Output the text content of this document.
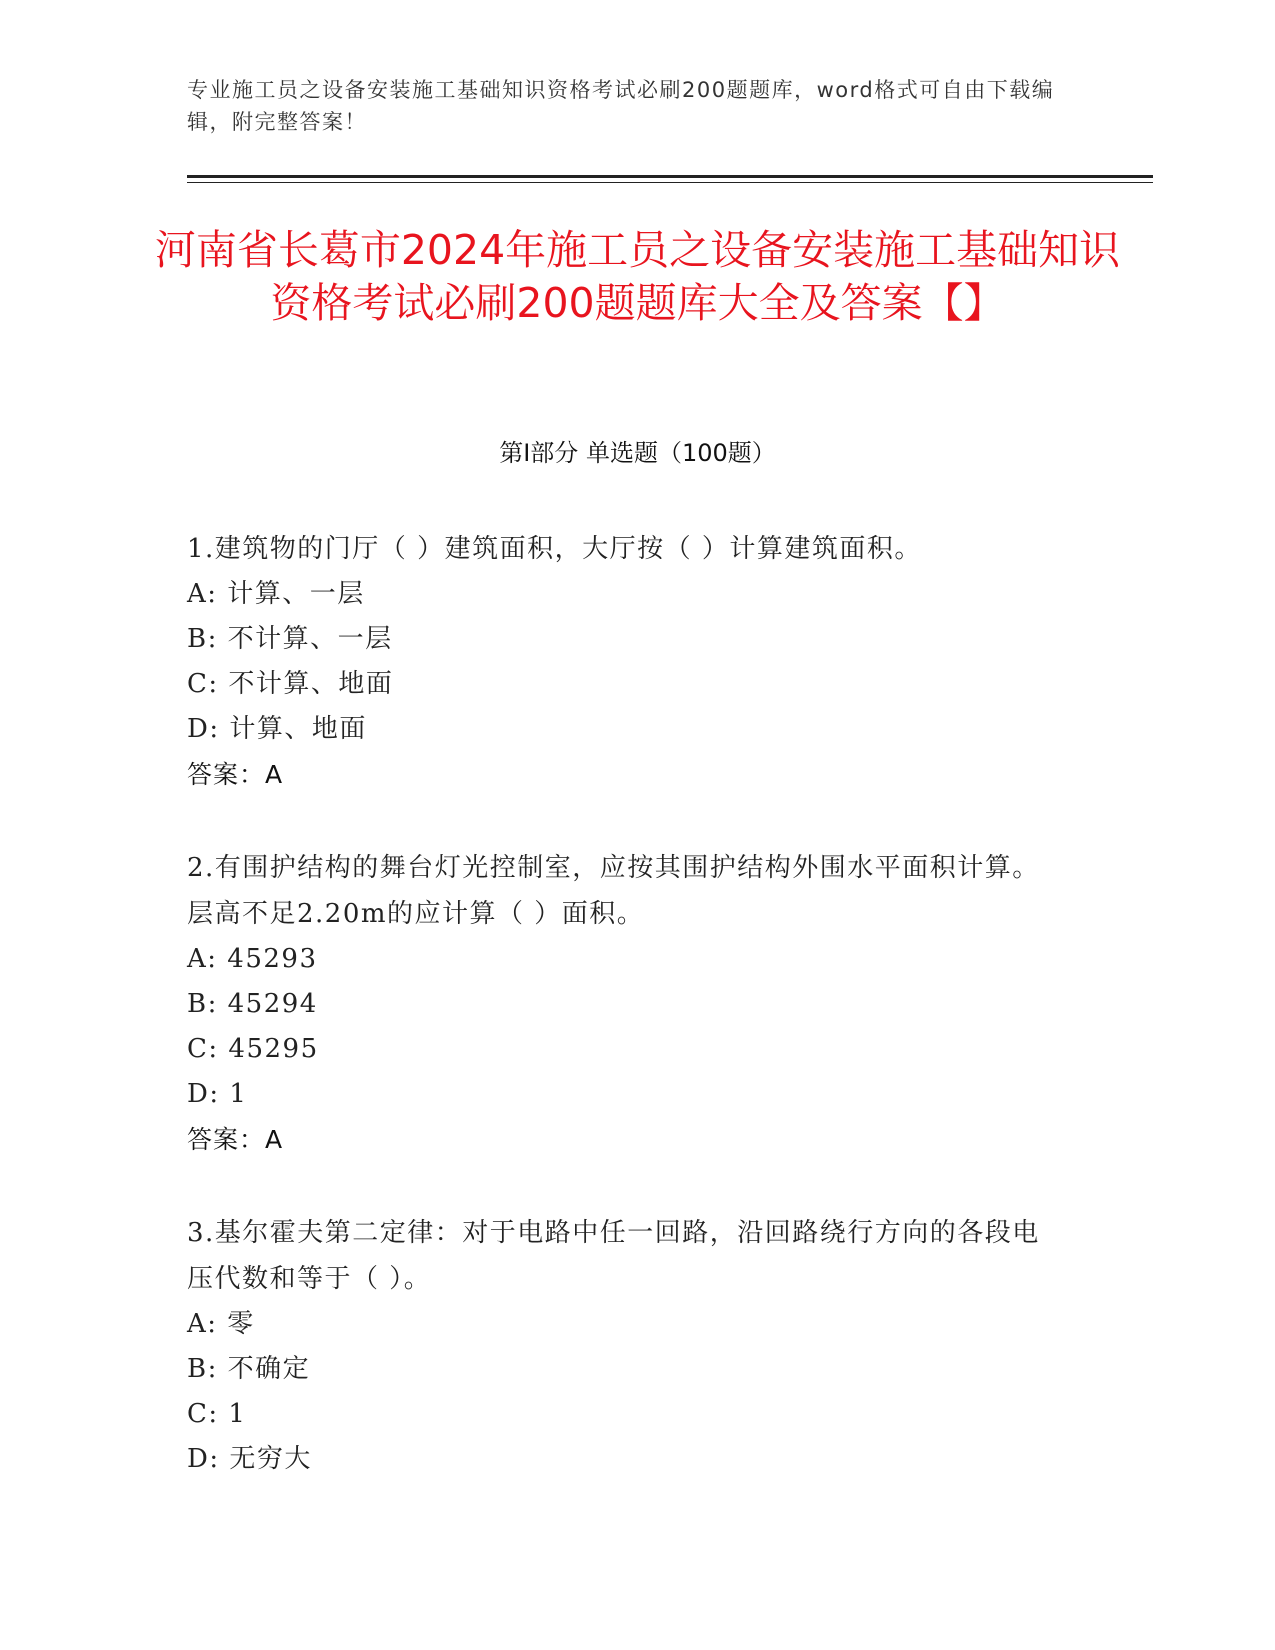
专业施工员之设备安装施工基础知识资格考试必刷200题题库，word格式可自由下载编辑，附完整答案！
河南省长葛市2024年施工员之设备安装施工基础知识资格考试必刷200题题库大全及答案【】
第I部分 单选题（100题）
1.建筑物的门厅（ ）建筑面积，大厅按（ ）计算建筑面积。
A: 计算、一层
B: 不计算、一层
C: 不计算、地面
D: 计算、地面
答案：A
2.有围护结构的舞台灯光控制室，应按其围护结构外围水平面积计算。层高不足2.20m的应计算（ ）面积。
A: 45293
B: 45294
C: 45295
D: 1
答案：A
3.基尔霍夫第二定律：对于电路中任一回路，沿回路绕行方向的各段电压代数和等于（ ）。
A: 零
B: 不确定
C: 1
D: 无穷大
